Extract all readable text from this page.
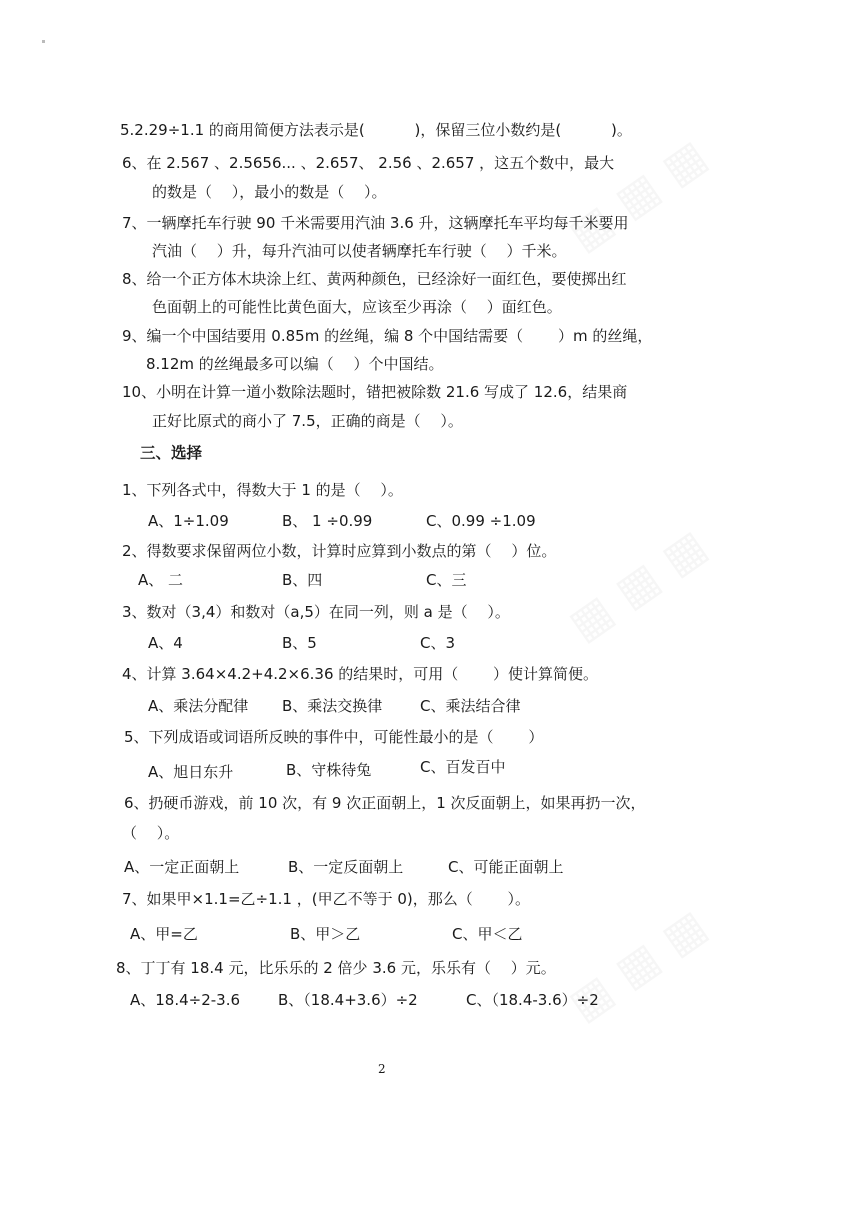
5.2.29÷1.1 的商用简便方法表示是(　　　 )，保留三位小数约是(　　　 )。
6、在 2.567 、2.5656... 、2.657、 2.56̇ 、2.657 ，这五个数中，最大
的数是（　 ），最小的数是（　 ）。
7、一辆摩托车行驶 90 千米需要用汽油 3.6 升，这辆摩托车平均每千米要用
汽油（　 ）升，每升汽油可以使者辆摩托车行驶（　 ）千米。
8、给一个正方体木块涂上红、黄两种颜色，已经涂好一面红色，要使掷出红
色面朝上的可能性比黄色面大，应该至少再涂（　 ）面红色。
9、编一个中国结要用 0.85m 的丝绳，编 8 个中国结需要（　　 ）m 的丝绳，
8.12m 的丝绳最多可以编（　 ）个中国结。
10、小明在计算一道小数除法题时，错把被除数 21.6 写成了 12.6，结果商
正好比原式的商小了 7.5，正确的商是（　 ）。
三、选择
1、下列各式中，得数大于 1 的是（　 ）。
A、1÷1.09	B、 1 ÷0.99	C、0.99 ÷1.09
2、得数要求保留两位小数，计算时应算到小数点的第（　 ）位。
A、 二	B、四	C、三
3、数对（3,4）和数对（a,5）在同一列，则 a 是（　 ）。
A、4	B、5	C、3
4、计算 3.64×4.2+4.2×6.36 的结果时，可用（　　 ）使计算简便。
A、乘法分配律 B、乘法交换律	C、乘法结合律
5、下列成语或词语所反映的事件中，可能性最小的是（　　 ）
A、旭日东升	B、守株待兔	C、百发百中
6、扔硬币游戏，前 10 次，有 9 次正面朝上，1 次反面朝上，如果再扔一次，
（　 ）。
A、一定正面朝上	B、一定反面朝上	C、可能正面朝上
7、如果甲×1.1=乙÷1.1 ，(甲乙不等于 0)，那么（　　 ）。
A、甲=乙	B、甲＞乙	C、甲＜乙
8、丁丁有 18.4 元，比乐乐的 2 倍少 3.6 元，乐乐有（　 ）元。
A、18.4÷2-3.6	B、（18.4+3.6）÷2	C、（18.4-3.6）÷2
2
